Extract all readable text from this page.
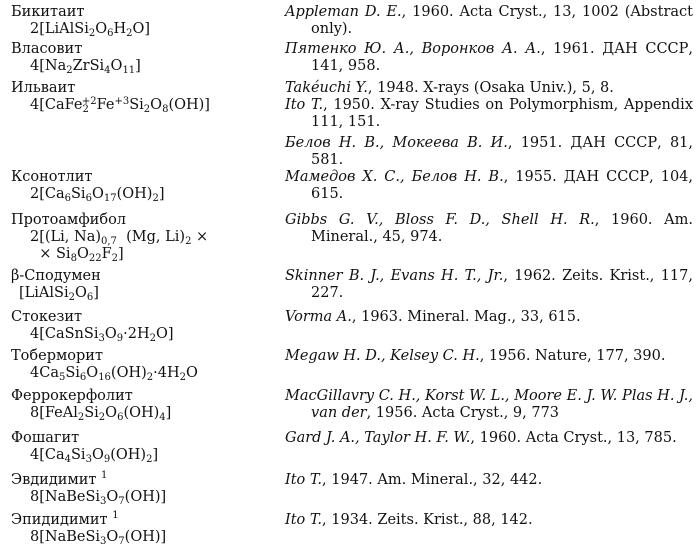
Бикитаит
$2[LiAlSi_2O_6H_2O]$
Appleman D. E., 1960. Acta Cryst., 13, 1002 (Abstract only).
Власовит
$4[Na_2ZrSi_4O_{11}]$
Пятенко Ю. А., Воронков А. А., 1961. ДАН СССР, 141, 958.
Ильваит
$4[CaFe_2^{+2}Fe^{+3}Si_2O_8(OH)]$
Takéuchi Y., 1948. X-rays (Osaka Univ.), 5, 8.
Ito T., 1950. X-ray Studies on Polymorphism, Appendix 111, 151.
Белов Н. В., Мокеева В. И., 1951. ДАН СССР, 81, 581.
Ксонотлит
$2[Ca_6Si_6O_{17}(OH)_2]$
Мамедов Х. С., Белов Н. В., 1955. ДАН СССР, 104, 615.
Протоамфибол
2[(Li, $Na)_{0,7}$  (Mg, $Li)_2$ ×
× $Si_8O_{22}F_2$]
Gibbs G. V., Bloss F. D., Shell H. R., 1960. Am. Mineral., 45, 974.
β-Сподумен
$[LiAlSi_2O_6]$
Skinner B. J., Evans H. T., Jr., 1962. Zeits. Krist., 117, 227.
Стокезит
$4[CaSnSi_3O_9\cdot 2H_2O]$
Vorma A., 1963. Mineral. Mag., 33, 615.
Тоберморит
$4Ca_5Si_6O_{16}(OH)_2\cdot 4H_2O$
Megaw H. D., Kelsey C. H., 1956. Nature, 177, 390.
Феррокерфолит
$8[FeAl_2Si_2O_6(OH)_4]$
MacGillavry C. H., Korst W. L., Moore E. J. W. Plas H. J., van der, 1956. Acta Cryst., 9, 773
Фошагит
$4[Ca_4Si_3O_9(OH)_2]$
Gard J. A., Taylor H. F. W., 1960. Acta Cryst., 13, 785.
Эвдидимит $^1$
$8[NaBeSi_3O_7(OH)]$
Ito T., 1947. Am. Mineral., 32, 442.
Эпидидимит $^1$
$8[NaBeSi_3O_7(OH)]$
Ito T., 1934. Zeits. Krist., 88, 142.
